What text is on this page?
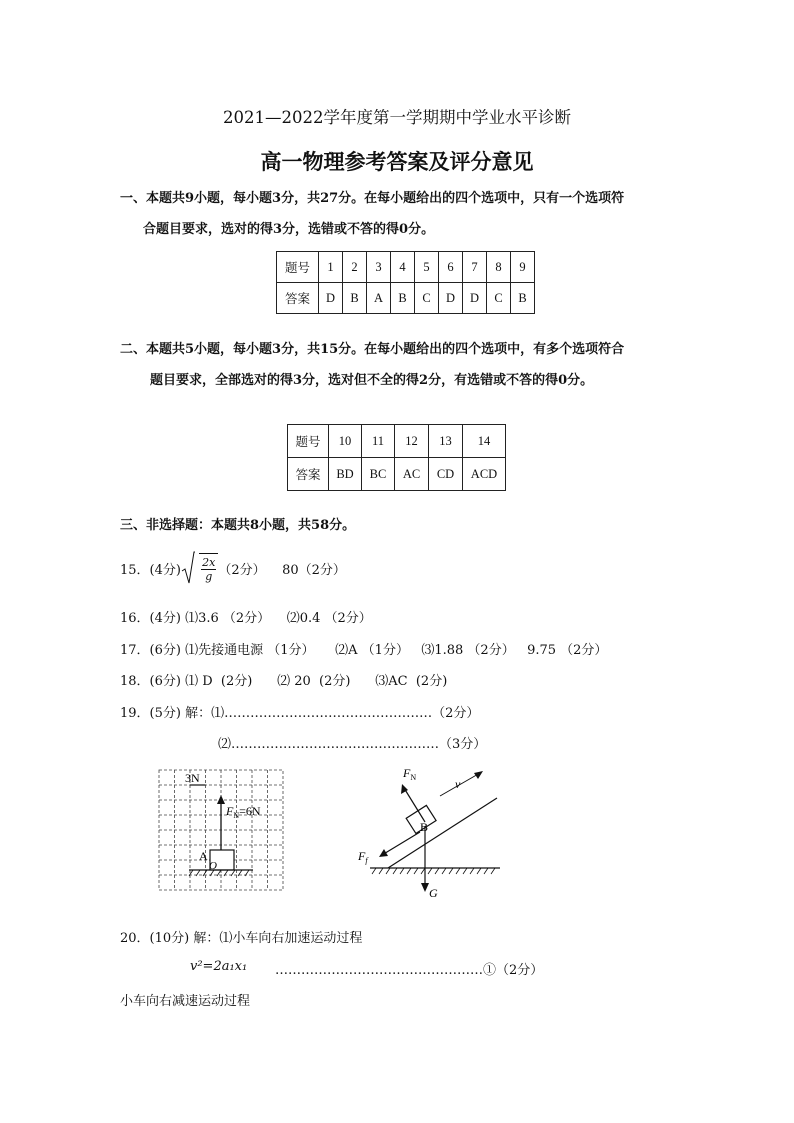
2021—2022学年度第一学期期中学业水平诊断
高一物理参考答案及评分意见
一、本题共9小题，每小题3分，共27分。在每小题给出的四个选项中，只有一个选项符
合题目要求，选对的得3分，选错或不答的得0分。
题号	1	2	3	4	5	6	7	8	9
答案	D	B	A	B	C	D	D	C	B
二、本题共5小题，每小题3分，共15分。在每小题给出的四个选项中，有多个选项符合
题目要求，全部选对的得3分，选对但不全的得2分，有选错或不答的得0分。
题号	10	11	12	13	14
答案	BD	BC	AC	CD	ACD
三、非选择题：本题共8小题，共58分。
15．(4分)
$\frac{2x}{g} (2$分）    80（2分）
16．(4分) ⑴3.6 （2分）    ⑵0.4 （2分）
17．(6分) ⑴先接通电源 （1分）     ⑵A （1分）   ⑶1.88 （2分）   9.75 （2分）
18．(6分) ⑴ D  (2分)      ⑵ 20  (2分)      ⑶AC  (2分)
19．(5分) 解：⑴…………………………………………（2分）
⑵…………………………………………（3分）
3N
$F_N=6N$
A
O
B
$F_N$	v
$F_f$
G
20．(10分) 解：⑴小车向右加速运动过程
v²=2a₁x₁ …………………………………………①（2分）
小车向右减速运动过程
